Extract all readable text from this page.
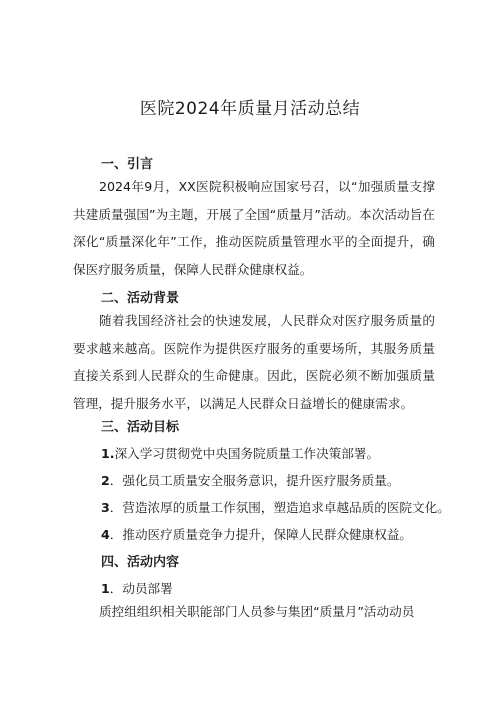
医院2024年质量月活动总结
一、引言
2024年9月，XX医院积极响应国家号召，以“加强质量支撑共建质量强国”为主题，开展了全国“质量月”活动。本次活动旨在深化“质量深化年”工作，推动医院质量管理水平的全面提升，确保医疗服务质量，保障人民群众健康权益。
二、活动背景
随着我国经济社会的快速发展，人民群众对医疗服务质量的要求越来越高。医院作为提供医疗服务的重要场所，其服务质量直接关系到人民群众的生命健康。因此，医院必须不断加强质量管理，提升服务水平，以满足人民群众日益增长的健康需求。
三、活动目标
1.深入学习贯彻党中央国务院质量工作决策部署。
2．强化员工质量安全服务意识，提升医疗服务质量。
3．营造浓厚的质量工作氛围，塑造追求卓越品质的医院文化。
4．推动医疗质量竞争力提升，保障人民群众健康权益。
四、活动内容
1．动员部署
质控组组织相关职能部门人员参与集团“质量月”活动动员
